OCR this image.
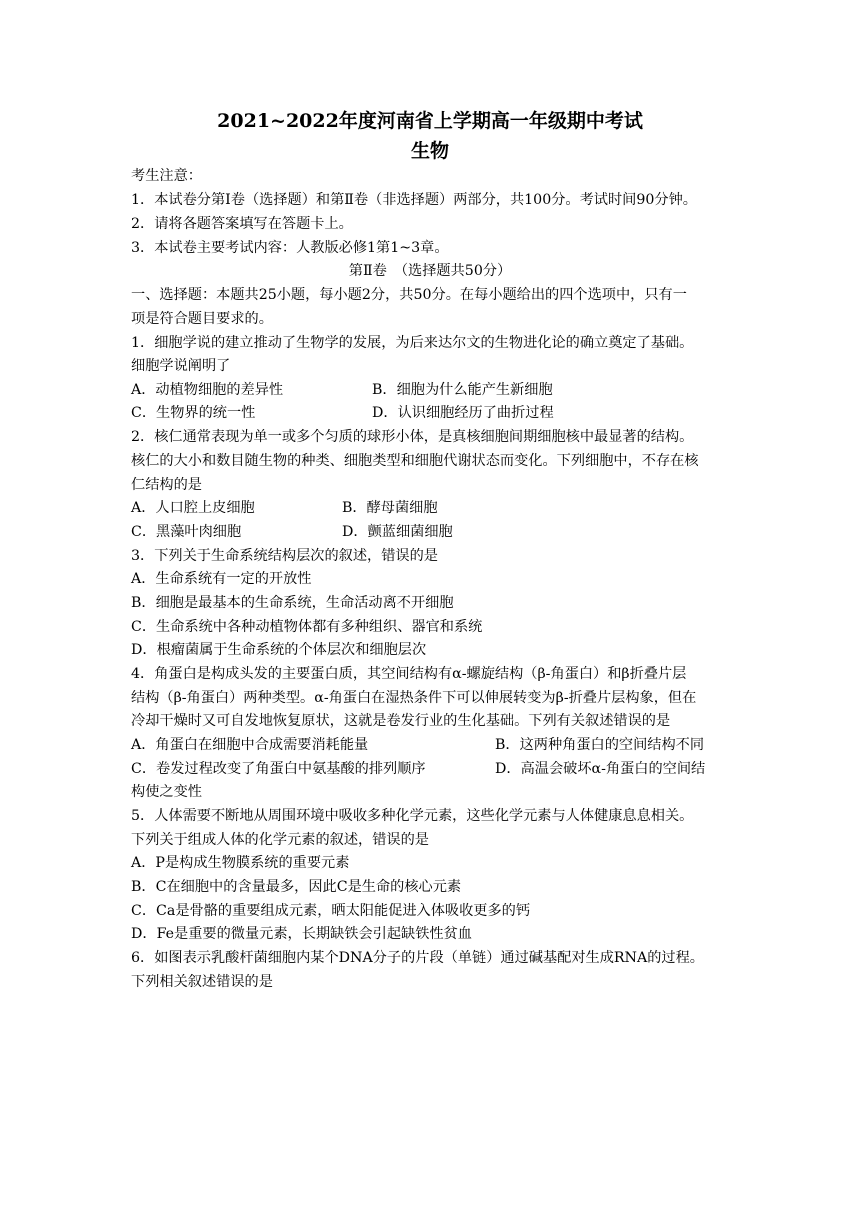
2021~2022年度河南省上学期高一年级期中考试
生物
考生注意：
1．本试卷分第Ⅰ卷（选择题）和第Ⅱ卷（非选择题）两部分，共100分。考试时间90分钟。
2．请将各题答案填写在答题卡上。
3．本试卷主要考试内容：人教版必修1第1~3章。
第Ⅱ卷　（选择题共50分）
一、选择题：本题共25小题，每小题2分，共50分。在每小题给出的四个选项中，只有一
项是符合题目要求的。
1．细胞学说的建立推动了生物学的发展，为后来达尔文的生物进化论的确立奠定了基础。
细胞学说阐明了
A．动植物细胞的差异性	B．细胞为什么能产生新细胞
C．生物界的统一性	D．认识细胞经历了曲折过程
2．核仁通常表现为单一或多个匀质的球形小体，是真核细胞间期细胞核中最显著的结构。
核仁的大小和数目随生物的种类、细胞类型和细胞代谢状态而变化。下列细胞中，不存在核
仁结构的是
A．人口腔上皮细胞	B．酵母菌细胞
C．黑藻叶肉细胞	D．颤蓝细菌细胞
3．下列关于生命系统结构层次的叙述，错误的是
A．生命系统有一定的开放性
B．细胞是最基本的生命系统，生命活动离不开细胞
C．生命系统中各种动植物体都有多种组织、器官和系统
D．根瘤菌属于生命系统的个体层次和细胞层次
4．角蛋白是构成头发的主要蛋白质，其空间结构有α-螺旋结构（β-角蛋白）和β折叠片层
结构（β-角蛋白）两种类型。α-角蛋白在湿热条件下可以伸展转变为β-折叠片层构象，但在
冷却干燥时又可自发地恢复原状，这就是卷发行业的生化基础。下列有关叙述错误的是
A．角蛋白在细胞中合成需要消耗能量	B．这两种角蛋白的空间结构不同
C．卷发过程改变了角蛋白中氨基酸的排列顺序	D．高温会破坏α-角蛋白的空间结
构使之变性
5．人体需要不断地从周围环境中吸收多种化学元素，这些化学元素与人体健康息息相关。
下列关于组成人体的化学元素的叙述，错误的是
A．P是构成生物膜系统的重要元素
B．C在细胞中的含量最多，因此C是生命的核心元素
C．Ca是骨骼的重要组成元素，晒太阳能促进入体吸收更多的钙
D．Fe是重要的微量元素，长期缺铁会引起缺铁性贫血
6．如图表示乳酸杆菌细胞内某个DNA分子的片段（单链）通过碱基配对生成RNA的过程。
下列相关叙述错误的是
